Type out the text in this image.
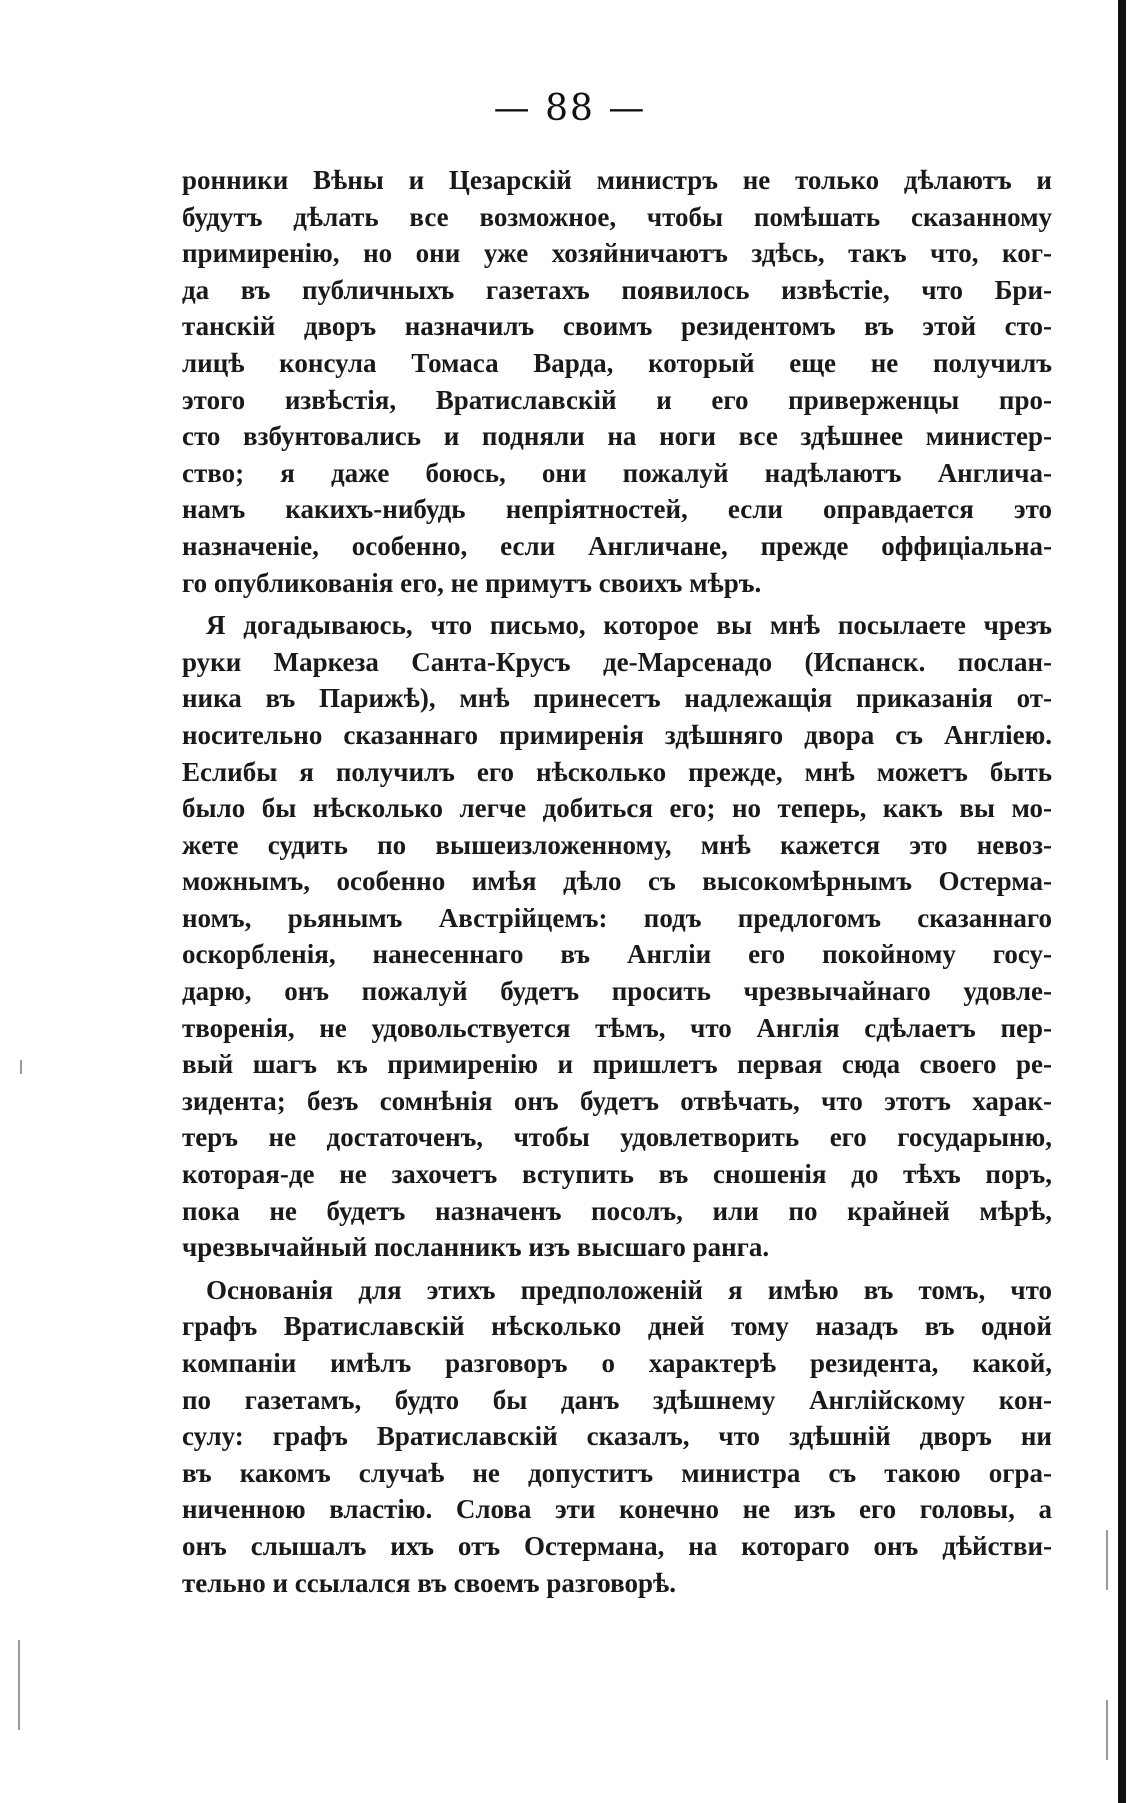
— 88 —
ронники Вѣны и Цезарскій министръ не только дѣлаютъ и
будутъ дѣлать все возможное, чтобы помѣшать сказанному
примиренію, но они уже хозяйничаютъ здѣсь, такъ что, ког-
да въ публичныхъ газетахъ появилось извѣстіе, что Бри-
танскій дворъ назначилъ своимъ резидентомъ въ этой сто-
лицѣ консула Томаса Варда, который еще не получилъ
этого извѣстія, Вратиславскій и его приверженцы про-
сто взбунтовались и подняли на ноги все здѣшнее министер-
ство; я даже боюсь, они пожалуй надѣлаютъ Англича-
намъ какихъ-нибудь непріятностей, если оправдается это
назначеніе, особенно, если Англичане, прежде оффиціальна-
го опубликованія его, не примутъ своихъ мѣръ.
Я догадываюсь, что письмо, которое вы мнѣ посылаете чрезъ
руки Маркеза Санта-Крусъ де-Марсенадо (Испанск. послан-
ника въ Парижѣ), мнѣ принесетъ надлежащія приказанія от-
носительно сказаннаго примиренія здѣшняго двора съ Англіею.
Еслибы я получилъ его нѣсколько прежде, мнѣ можетъ быть
было бы нѣсколько легче добиться его; но теперь, какъ вы мо-
жете судить по вышеизложенному, мнѣ кажется это невоз-
можнымъ, особенно имѣя дѣло съ высокомѣрнымъ Остерма-
номъ, рьянымъ Австрійцемъ: подъ предлогомъ сказаннаго
оскорбленія, нанесеннаго въ Англіи его покойному госу-
дарю, онъ пожалуй будетъ просить чрезвычайнаго удовле-
творенія, не удовольствуется тѣмъ, что Англія сдѣлаетъ пер-
вый шагъ къ примиренію и пришлетъ первая сюда своего ре-
зидента; безъ сомнѣнія онъ будетъ отвѣчать, что этотъ харак-
теръ не достаточенъ, чтобы удовлетворить его государыню,
которая-де не захочетъ вступить въ сношенія до тѣхъ поръ,
пока не будетъ назначенъ посолъ, или по крайней мѣрѣ,
чрезвычайный посланникъ изъ высшаго ранга.
Основанія для этихъ предположеній я имѣю въ томъ, что
графъ Вратиславскій нѣсколько дней тому назадъ въ одной
компаніи имѣлъ разговоръ о характерѣ резидента, какой,
по газетамъ, будто бы данъ здѣшнему Англійскому кон-
сулу: графъ Вратиславскій сказалъ, что здѣшній дворъ ни
въ какомъ случаѣ не допуститъ министра съ такою огра-
ниченною властію. Слова эти конечно не изъ его головы, а
онъ слышалъ ихъ отъ Остермана, на котораго онъ дѣйстви-
тельно и ссылался въ своемъ разговорѣ.
